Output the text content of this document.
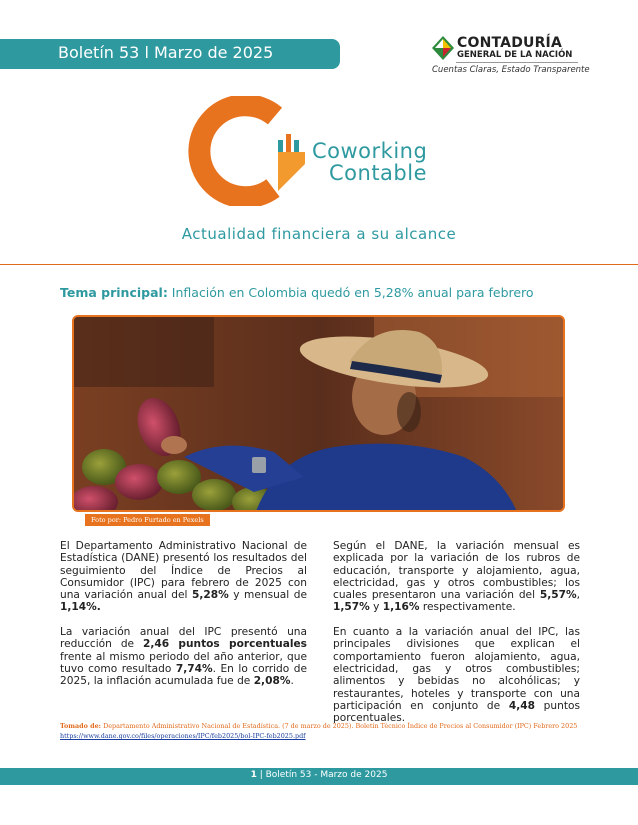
Boletín 53 l Marzo de 2025	CONTADURÍA
GENERAL DE LA NACIÓN
Cuentas Claras, Estado Transparente
Coworking
Contable
Actualidad financiera a su alcance
Tema principal: Inflación en Colombia quedó en 5,28% anual para febrero
Foto por: Pedro Furtado en Pexels

El Departamento Administrativo Nacional de Estadística (DANE) presentó los resultados del seguimiento del Índice de Precios al Consumidor (IPC) para febrero de 2025 con una variación anual del 5,28% y mensual de 1,14%.

La variación anual del IPC presentó una reducción de 2,46 puntos porcentuales frente al mismo periodo del año anterior, que tuvo como resultado 7,74%. En lo corrido de 2025, la inflación acumulada fue de 2,08%.

Según el DANE, la variación mensual es explicada por la variación de los rubros de educación, transporte y alojamiento, agua, electricidad, gas y otros combustibles; los cuales presentaron una variación del 5,57%, 1,57% y 1,16% respectivamente.

En cuanto a la variación anual del IPC, las principales divisiones que explican el comportamiento fueron alojamiento, agua, electricidad, gas y otros combustibles; alimentos y bebidas no alcohólicas; y restaurantes, hoteles y transporte con una participación en conjunto de 4,48 puntos porcentuales.

Tomado de: Departamento Administrativo Nacional de Estadística. (7 de marzo de 2025). Boletín Técnico Índice de Precios al Consumidor (IPC) Febrero 2025 https://www.dane.gov.co/files/operaciones/IPC/feb2025/bol-IPC-feb2025.pdf
1 | Boletín 53 - Marzo de 2025
